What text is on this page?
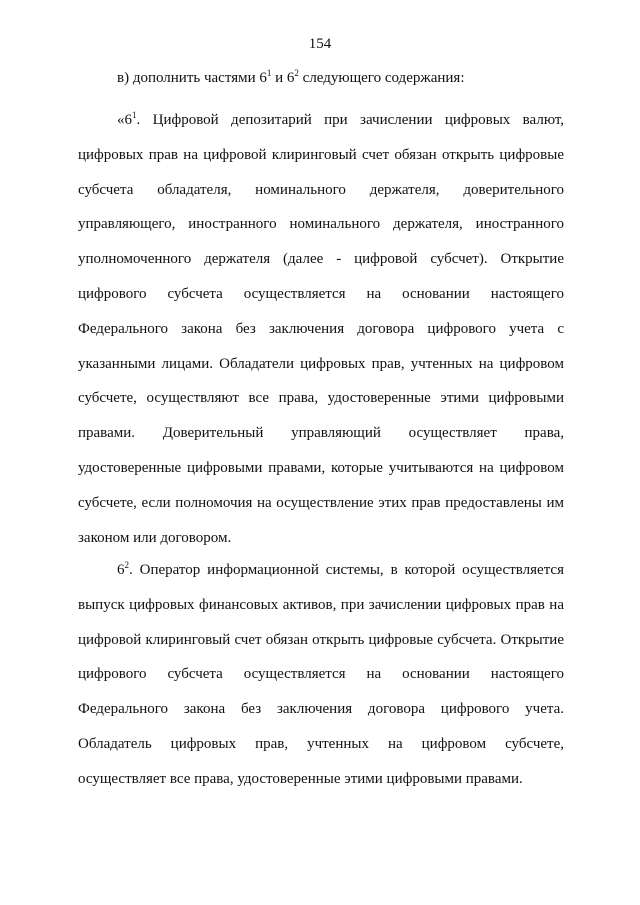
154
в) дополнить частями $6^1$ и $6^2$ следующего содержания:

«$6^1$. Цифровой депозитарий при зачислении цифровых валют, цифровых прав на цифровой клиринговый счет обязан открыть цифровые субсчета обладателя, номинального держателя, доверительного управляющего, иностранного номинального держателя, иностранного уполномоченного держателя (далее - цифровой субсчет). Открытие цифрового субсчета осуществляется на основании настоящего Федерального закона без заключения договора цифрового учета с указанными лицами. Обладатели цифровых прав, учтенных на цифровом субсчете, осуществляют все права, удостоверенные этими цифровыми правами. Доверительный управляющий осуществляет права, удостоверенные цифровыми правами, которые учитываются на цифровом субсчете, если полномочия на осуществление этих прав предоставлены им законом или договором.

$6^2$. Оператор информационной системы, в которой осуществляется выпуск цифровых финансовых активов, при зачислении цифровых прав на цифровой клиринговый счет обязан открыть цифровые субсчета. Открытие цифрового субсчета осуществляется на основании настоящего Федерального закона без заключения договора цифрового учета. Обладатель цифровых прав, учтенных на цифровом субсчете, осуществляет все права, удостоверенные этими цифровыми правами.
